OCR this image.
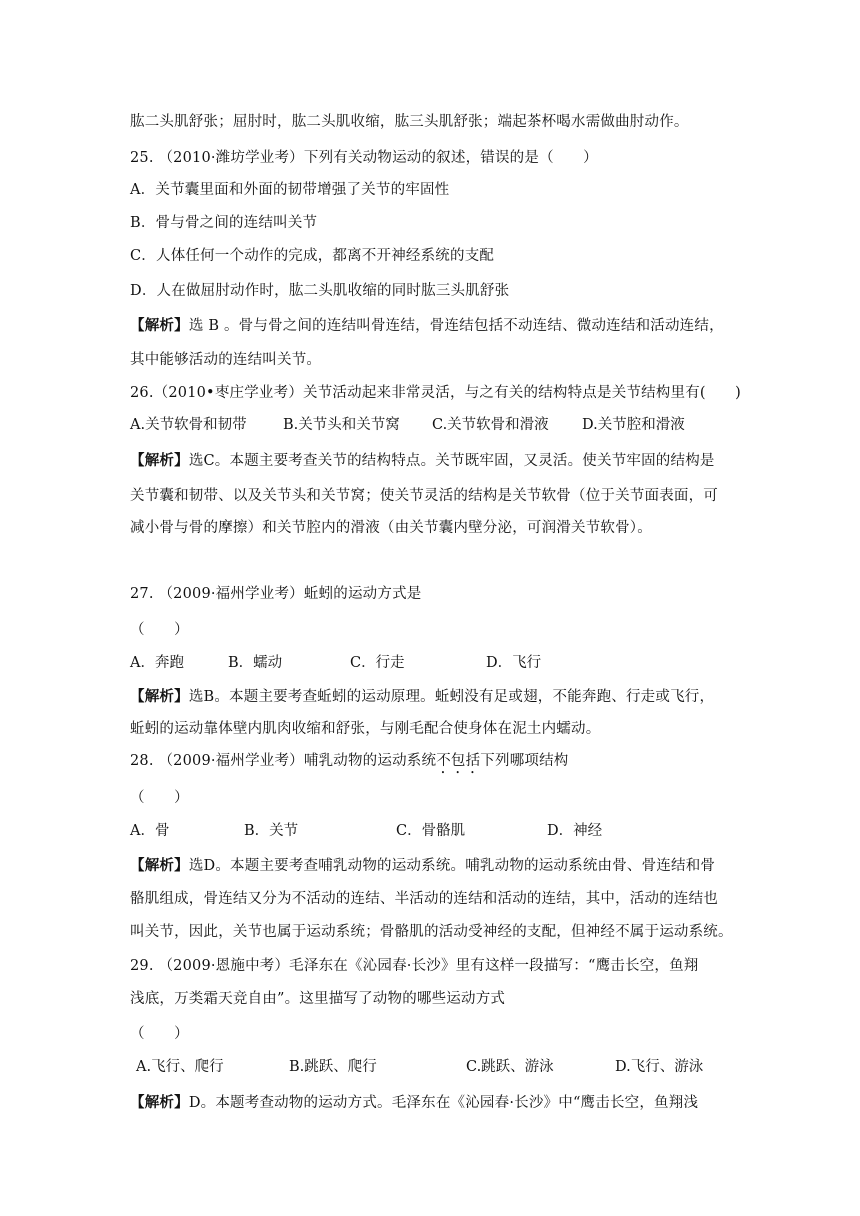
肱二头肌舒张；屈肘时，肱二头肌收缩，肱三头肌舒张；端起茶杯喝水需做曲肘动作。
25. （2010·潍坊学业考）下列有关动物运动的叙述，错误的是（　　）
A．关节囊里面和外面的韧带增强了关节的牢固性
B．骨与骨之间的连结叫关节
C．人体任何一个动作的完成，都离不开神经系统的支配
D．人在做屈肘动作时，肱二头肌收缩的同时肱三头肌舒张
【解析】选 B 。骨与骨之间的连结叫骨连结，骨连结包括不动连结、微动连结和活动连结，
其中能够活动的连结叫关节。
26.（2010•枣庄学业考）关节活动起来非常灵活，与之有关的结构特点是关节结构里有(　　)
A.关节软骨和韧带	B.关节头和关节窝 C.关节软骨和滑液 D.关节腔和滑液
【解析】选C。本题主要考查关节的结构特点。关节既牢固，又灵活。使关节牢固的结构是
关节囊和韧带、以及关节头和关节窝；使关节灵活的结构是关节软骨（位于关节面表面，可
减小骨与骨的摩擦）和关节腔内的滑液（由关节囊内壁分泌，可润滑关节软骨）。
27. （2009·福州学业考）蚯蚓的运动方式是
（　　）
A．奔跑	B．蠕动	C．行走	D．飞行
【解析】选B。本题主要考查蚯蚓的运动原理。蚯蚓没有足或翅，不能奔跑、行走或飞行，
蚯蚓的运动靠体壁内肌肉收缩和舒张，与刚毛配合使身体在泥土内蠕动。
28. （2009·福州学业考）哺乳动物的运动系统不包括下列哪项结构
（　　）
A．骨	B．关节	C．骨骼肌	D．神经
【解析】选D。本题主要考查哺乳动物的运动系统。哺乳动物的运动系统由骨、骨连结和骨
骼肌组成，骨连结又分为不活动的连结、半活动的连结和活动的连结，其中，活动的连结也
叫关节，因此，关节也属于运动系统；骨骼肌的活动受神经的支配，但神经不属于运动系统。
29. （2009·恩施中考）毛泽东在《沁园春·长沙》里有这样一段描写：“鹰击长空，鱼翔
浅底，万类霜天竞自由”。这里描写了动物的哪些运动方式
（　　）
A.飞行、爬行	B.跳跃、爬行	C.跳跃、游泳	D.飞行、游泳
【解析】D。本题考查动物的运动方式。毛泽东在《沁园春·长沙》中“鹰击长空，鱼翔浅
